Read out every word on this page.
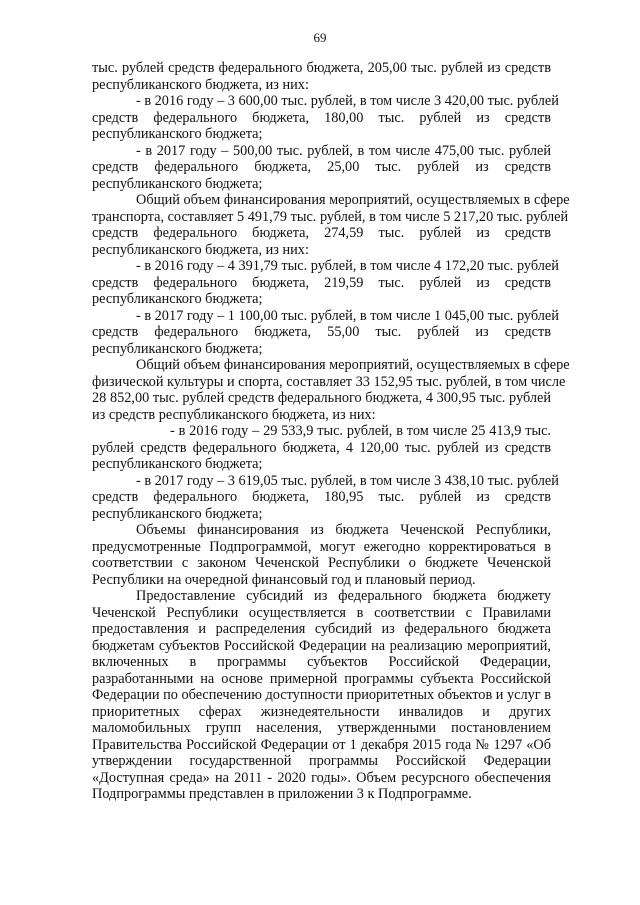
69
тыс. рублей средств федерального бюджета, 205,00 тыс. рублей из средств
республиканского бюджета, из них:
- в 2016 году – 3 600,00 тыс. рублей, в том числе 3 420,00 тыс. рублей
средств федерального бюджета, 180,00 тыс. рублей из средств
республиканского бюджета;
- в 2017 году – 500,00 тыс. рублей, в том числе 475,00 тыс. рублей
средств федерального бюджета, 25,00 тыс. рублей из средств
республиканского бюджета;
Общий объем финансирования мероприятий, осуществляемых в сфере
транспорта, составляет 5 491,79 тыс. рублей, в том числе 5 217,20 тыс. рублей
средств федерального бюджета, 274,59 тыс. рублей из средств
республиканского бюджета, из них:
- в 2016 году – 4 391,79 тыс. рублей, в том числе 4 172,20 тыс. рублей
средств федерального бюджета, 219,59 тыс. рублей из средств
республиканского бюджета;
- в 2017 году – 1 100,00 тыс. рублей, в том числе 1 045,00 тыс. рублей
средств федерального бюджета, 55,00 тыс. рублей из средств
республиканского бюджета;
Общий объем финансирования мероприятий, осуществляемых в сфере
физической культуры и спорта, составляет 33 152,95 тыс. рублей, в том числе
28 852,00 тыс. рублей средств федерального бюджета, 4 300,95 тыс. рублей
из средств республиканского бюджета, из них:
- в 2016 году – 29 533,9 тыс. рублей, в том числе 25 413,9 тыс.
рублей средств федерального бюджета, 4 120,00 тыс. рублей из средств
республиканского бюджета;
- в 2017 году – 3 619,05 тыс. рублей, в том числе 3 438,10 тыс. рублей
средств федерального бюджета, 180,95 тыс. рублей из средств
республиканского бюджета;
Объемы финансирования из бюджета Чеченской Республики,
предусмотренные Подпрограммой, могут ежегодно корректироваться в
соответствии с законом Чеченской Республики о бюджете Чеченской
Республики на очередной финансовый год и плановый период.
Предоставление субсидий из федерального бюджета бюджету
Чеченской Республики осуществляется в соответствии с Правилами
предоставления и распределения субсидий из федерального бюджета
бюджетам субъектов Российской Федерации на реализацию мероприятий,
включенных в программы субъектов Российской Федерации,
разработанными на основе примерной программы субъекта Российской
Федерации по обеспечению доступности приоритетных объектов и услуг в
приоритетных сферах жизнедеятельности инвалидов и других
маломобильных групп населения, утвержденными постановлением
Правительства Российской Федерации от 1 декабря 2015 года № 1297 «Об
утверждении государственной программы Российской Федерации
«Доступная среда» на 2011 - 2020 годы». Объем ресурсного обеспечения
Подпрограммы представлен в приложении 3 к Подпрограмме.
